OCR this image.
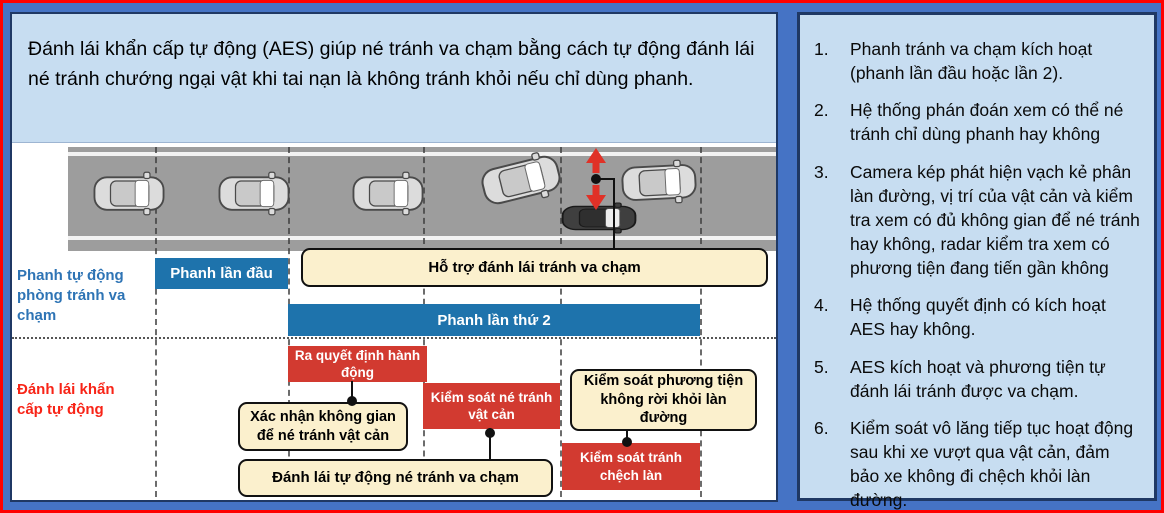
Đánh lái khẩn cấp tự động (AES) giúp né tránh va chạm bằng cách tự động đánh lái né tránh chướng ngại vật khi tai nạn là không tránh khỏi nếu chỉ dùng phanh.
Phanh lần đầu
Phanh lần thứ 2
Hỗ trợ đánh lái tránh va chạm
Xác nhận không gian để né tránh vật cản
Kiểm soát phương tiện không rời khỏi làn đường
Đánh lái tự động né tránh va chạm
Ra quyết định hành động
Kiểm soát né tránh vật cản
Kiểm soát tránh chệch làn
Phanh tự động phòng tránh va chạm
Đánh lái khẩn cấp tự động
1.	Phanh tránh va chạm kích hoạt (phanh lần đầu hoặc lần 2).
2.	Hệ thống phán đoán xem có thể né tránh chỉ dùng phanh hay không
3.	Camera kép phát hiện vạch kẻ phân làn đường, vị trí của vật cản và kiểm tra xem có đủ không gian để né tránh hay không, radar kiểm tra xem có phương tiện đang tiến gần không
4.	Hệ thống quyết định có kích hoạt AES hay không.
5.	AES kích hoạt và phương tiện tự đánh lái tránh được va chạm.
6.	Kiểm soát vô lăng tiếp tục hoạt động sau khi xe vượt qua vật cản, đảm bảo xe không đi chệch khỏi làn đường.
